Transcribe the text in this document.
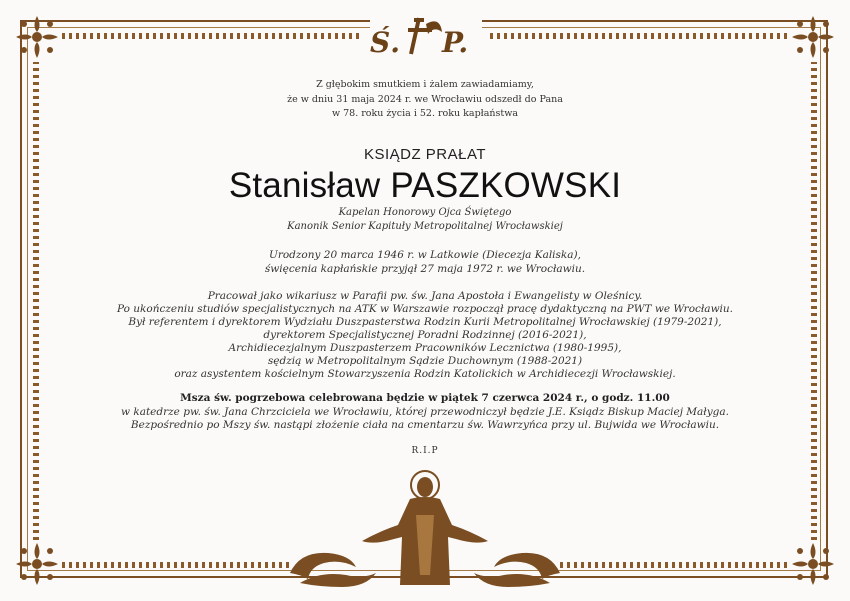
Ś. P.
Z głębokim smutkiem i żalem zawiadamiamy,
że w dniu 31 maja 2024 r. we Wrocławiu odszedł do Pana
w 78. roku życia i 52. roku kapłaństwa
KSIĄDZ PRAŁAT
Stanisław PASZKOWSKI
Kapelan Honorowy Ojca Świętego
Kanonik Senior Kapituły Metropolitalnej Wrocławskiej
Urodzony 20 marca 1946 r. w Latkowie (Diecezja Kaliska),
święcenia kapłańskie przyjął 27 maja 1972 r. we Wrocławiu.
Pracował jako wikariusz w Parafii pw. św. Jana Apostoła i Ewangelisty w Oleśnicy.
Po ukończeniu studiów specjalistycznych na ATK w Warszawie rozpoczął pracę dydaktyczną na PWT we Wrocławiu.
Był referentem i dyrektorem Wydziału Duszpasterstwa Rodzin Kurii Metropolitalnej Wrocławskiej (1979-2021),
dyrektorem Specjalistycznej Poradni Rodzinnej (2016-2021),
Archidiecezjalnym Duszpasterzem Pracowników Lecznictwa (1980-1995),
sędzią w Metropolitalnym Sądzie Duchownym (1988-2021)
oraz asystentem kościelnym Stowarzyszenia Rodzin Katolickich w Archidiecezji Wrocławskiej.
Msza św. pogrzebowa celebrowana będzie w piątek 7 czerwca 2024 r., o godz. 11.00
w katedrze pw. św. Jana Chrzciciela we Wrocławiu, której przewodniczył będzie J.E. Ksiądz Biskup Maciej Małyga.
Bezpośrednio po Mszy św. nastąpi złożenie ciała na cmentarzu św. Wawrzyńca przy ul. Bujwida we Wrocławiu.
R.I.P
